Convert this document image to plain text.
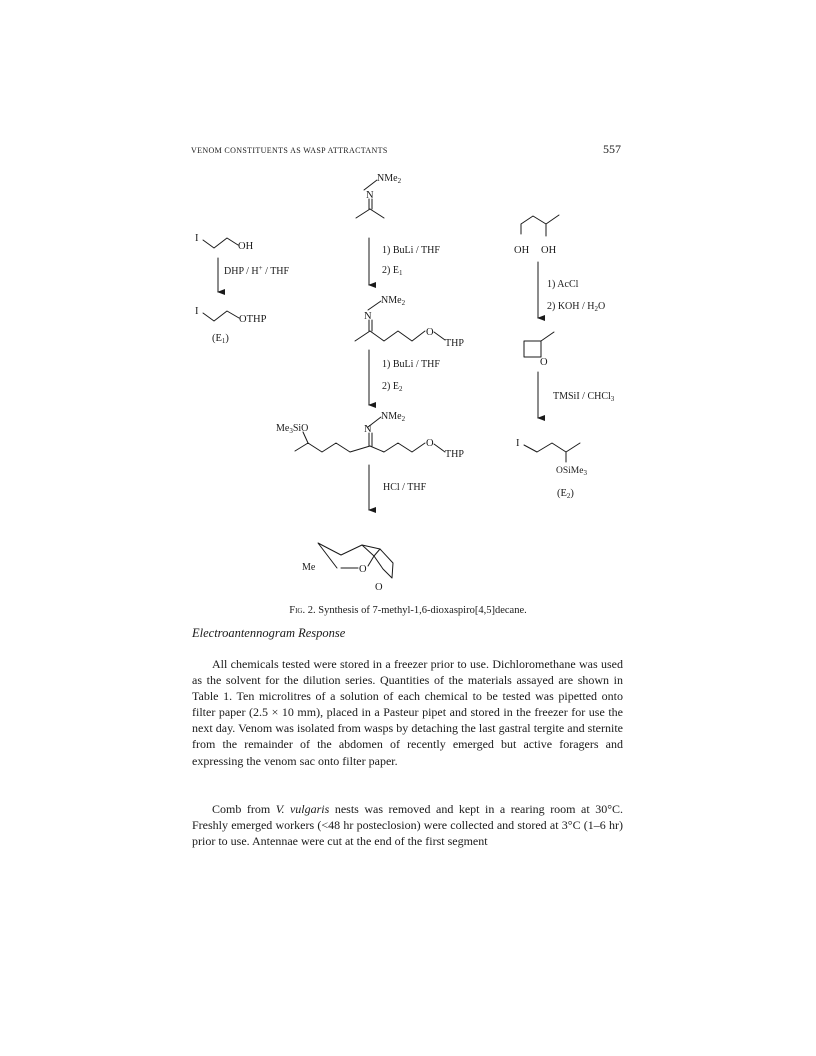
VENOM CONSTITUENTS AS WASP ATTRACTANTS	557
I
OH
I
OTHP
(E1)
NMe$_2$
N
NMe$_2$
N
O
THP
NMe$_2$
N
$Me_3SiO$
O
THP
Me	O
O
OH OH
O
I
OSiMe$_3$
(E2)
DHP / H+ / THF
1) BuLi / THF
2) $E_1$
1) BuLi / THF
2) $E_2$
HCl / THF
1) AcCl
2) KOH / $H_2O$
TMSiI / CHCl$_3$
Fig. 2. Synthesis of 7-methyl-1,6-dioxaspiro[4,5]decane.
Electroantennogram Response

All chemicals tested were stored in a freezer prior to use. Dichloromethane was used as the solvent for the dilution series. Quantities of the materials assayed are shown in Table 1. Ten microlitres of a solution of each chemical to be tested was pipetted onto filter paper (2.5 × 10 mm), placed in a Pasteur pipet and stored in the freezer for use the next day. Venom was isolated from wasps by detaching the last gastral tergite and sternite from the remainder of the abdomen of recently emerged but active foragers and expressing the venom sac onto filter paper.

Comb from V. vulgaris nests was removed and kept in a rearing room at 30°C. Freshly emerged workers (<48 hr posteclosion) were collected and stored at 3°C (1–6 hr) prior to use. Antennae were cut at the end of the first segment
